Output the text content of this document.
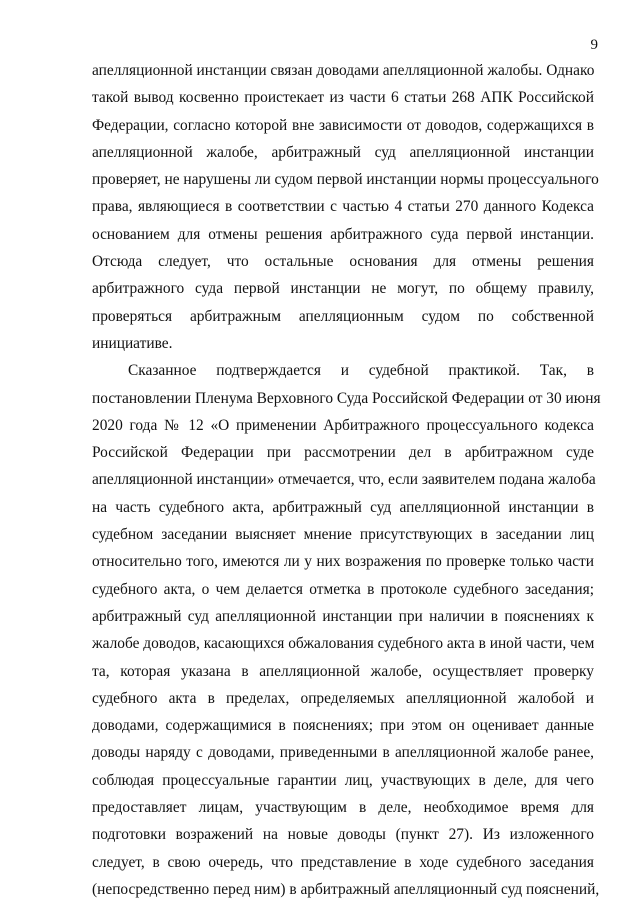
9
апелляционной инстанции связан доводами апелляционной жалобы. Однако
такой вывод косвенно проистекает из части 6 статьи 268 АПК Российской
Федерации, согласно которой вне зависимости от доводов, содержащихся в
апелляционной жалобе, арбитражный суд апелляционной инстанции
проверяет, не нарушены ли судом первой инстанции нормы процессуального
права, являющиеся в соответствии с частью 4 статьи 270 данного Кодекса
основанием для отмены решения арбитражного суда первой инстанции.
Отсюда следует, что остальные основания для отмены решения
арбитражного суда первой инстанции не могут, по общему правилу,
проверяться арбитражным апелляционным судом по собственной
инициативе.
Сказанное подтверждается и судебной практикой. Так, в
постановлении Пленума Верховного Суда Российской Федерации от 30 июня
2020 года № 12 «О применении Арбитражного процессуального кодекса
Российской Федерации при рассмотрении дел в арбитражном суде
апелляционной инстанции» отмечается, что, если заявителем подана жалоба
на часть судебного акта, арбитражный суд апелляционной инстанции в
судебном заседании выясняет мнение присутствующих в заседании лиц
относительно того, имеются ли у них возражения по проверке только части
судебного акта, о чем делается отметка в протоколе судебного заседания;
арбитражный суд апелляционной инстанции при наличии в пояснениях к
жалобе доводов, касающихся обжалования судебного акта в иной части, чем
та, которая указана в апелляционной жалобе, осуществляет проверку
судебного акта в пределах, определяемых апелляционной жалобой и
доводами, содержащимися в пояснениях; при этом он оценивает данные
доводы наряду с доводами, приведенными в апелляционной жалобе ранее,
соблюдая процессуальные гарантии лиц, участвующих в деле, для чего
предоставляет лицам, участвующим в деле, необходимое время для
подготовки возражений на новые доводы (пункт 27). Из изложенного
следует, в свою очередь, что представление в ходе судебного заседания
(непосредственно перед ним) в арбитражный апелляционный суд пояснений,
